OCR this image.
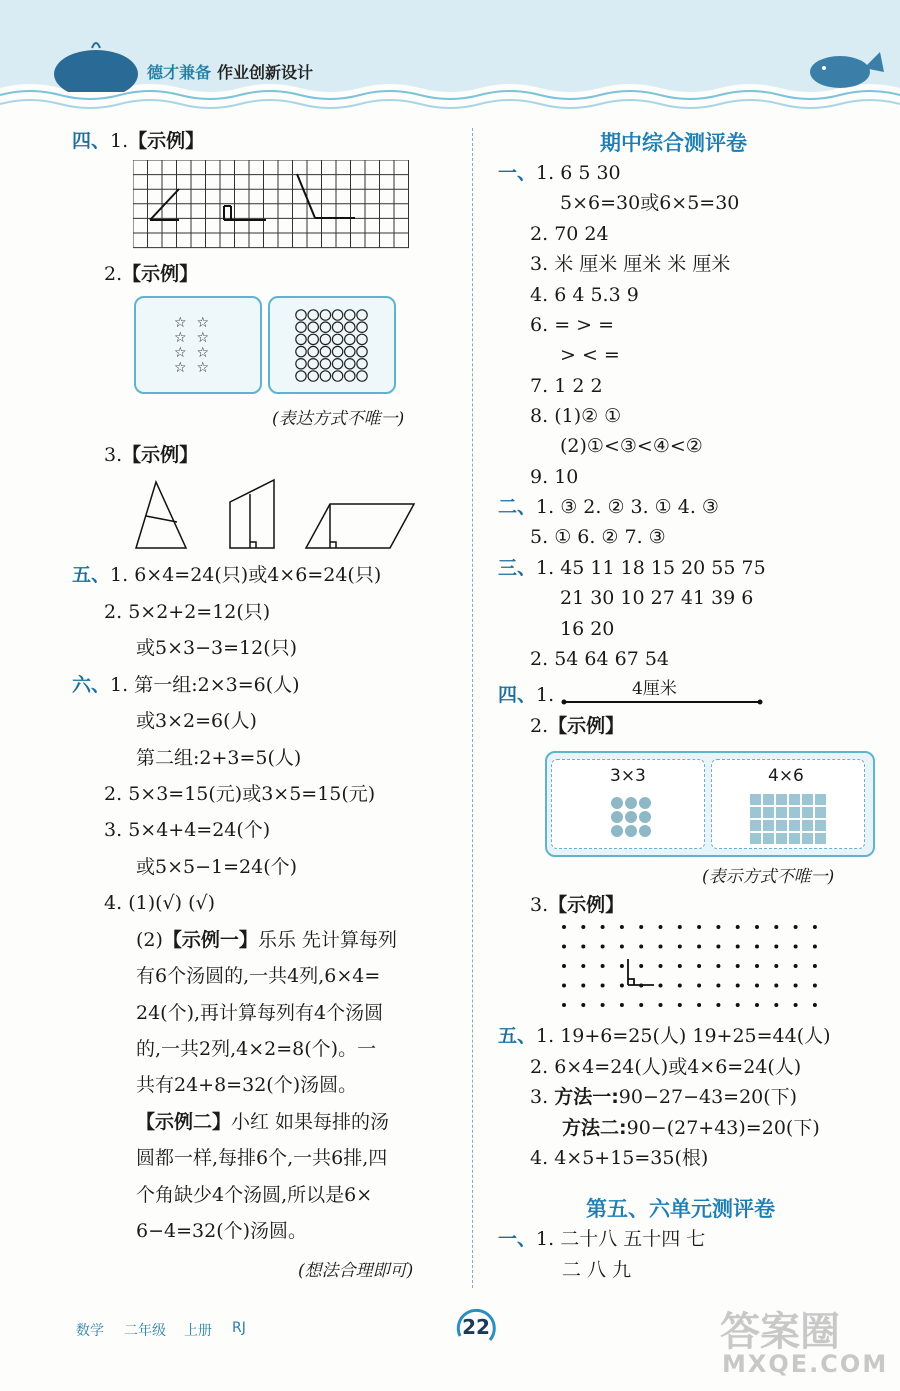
德才兼备 作业创新设计
四、1.【示例】
2.【示例】
☆☆
☆☆
☆☆
☆☆
(表达方式不唯一)
3.【示例】
五、1. 6×4=24(只)或4×6=24(只)
2. 5×2+2=12(只)
或5×3−3=12(只)
六、1. 第一组:2×3=6(人)
或3×2=6(人)
第二组:2+3=5(人)
2. 5×3=15(元)或3×5=15(元)
3. 5×4+4=24(个)
或5×5−1=24(个)
4. (1)(√) (√)
(2)【示例一】乐乐 先计算每列
有6个汤圆的,一共4列,6×4=
24(个),再计算每列有4个汤圆
的,一共2列,4×2=8(个)。一
共有24+8=32(个)汤圆。
【示例二】小红 如果每排的汤
圆都一样,每排6个,一共6排,四
个角缺少4个汤圆,所以是6×
6−4=32(个)汤圆。
(想法合理即可)
期中综合测评卷
一、1. 6 5 30
5×6=30或6×5=30
2. 70 24
3. 米 厘米 厘米 米 厘米
4. 6 4 5.3 9
6. = > =
> < =
7. 1 2 2
8. (1)② ①
(2)①<③<④<②
9. 10
二、1. ③ 2. ② 3. ① 4. ③
5. ① 6. ② 7. ③
三、1. 45 11 18 15 20 55 75
21 30 10 27 41 39 6
16 20
2. 54 64 67 54
四、1.	4厘米
2.【示例】
3×3	4×6
(表示方式不唯一)
3.【示例】
五、1. 19+6=25(人) 19+25=44(人)
2. 6×4=24(人)或4×6=24(人)
3. 方法一:90−27−43=20(下)
方法二:90−(27+43)=20(下)
4. 4×5+15=35(根)
第五、六单元测评卷
一、1. 二十八 五十四 七
二 八 九
数学 二年级 上册 RJ	22	答案圈
MXQE.COM
